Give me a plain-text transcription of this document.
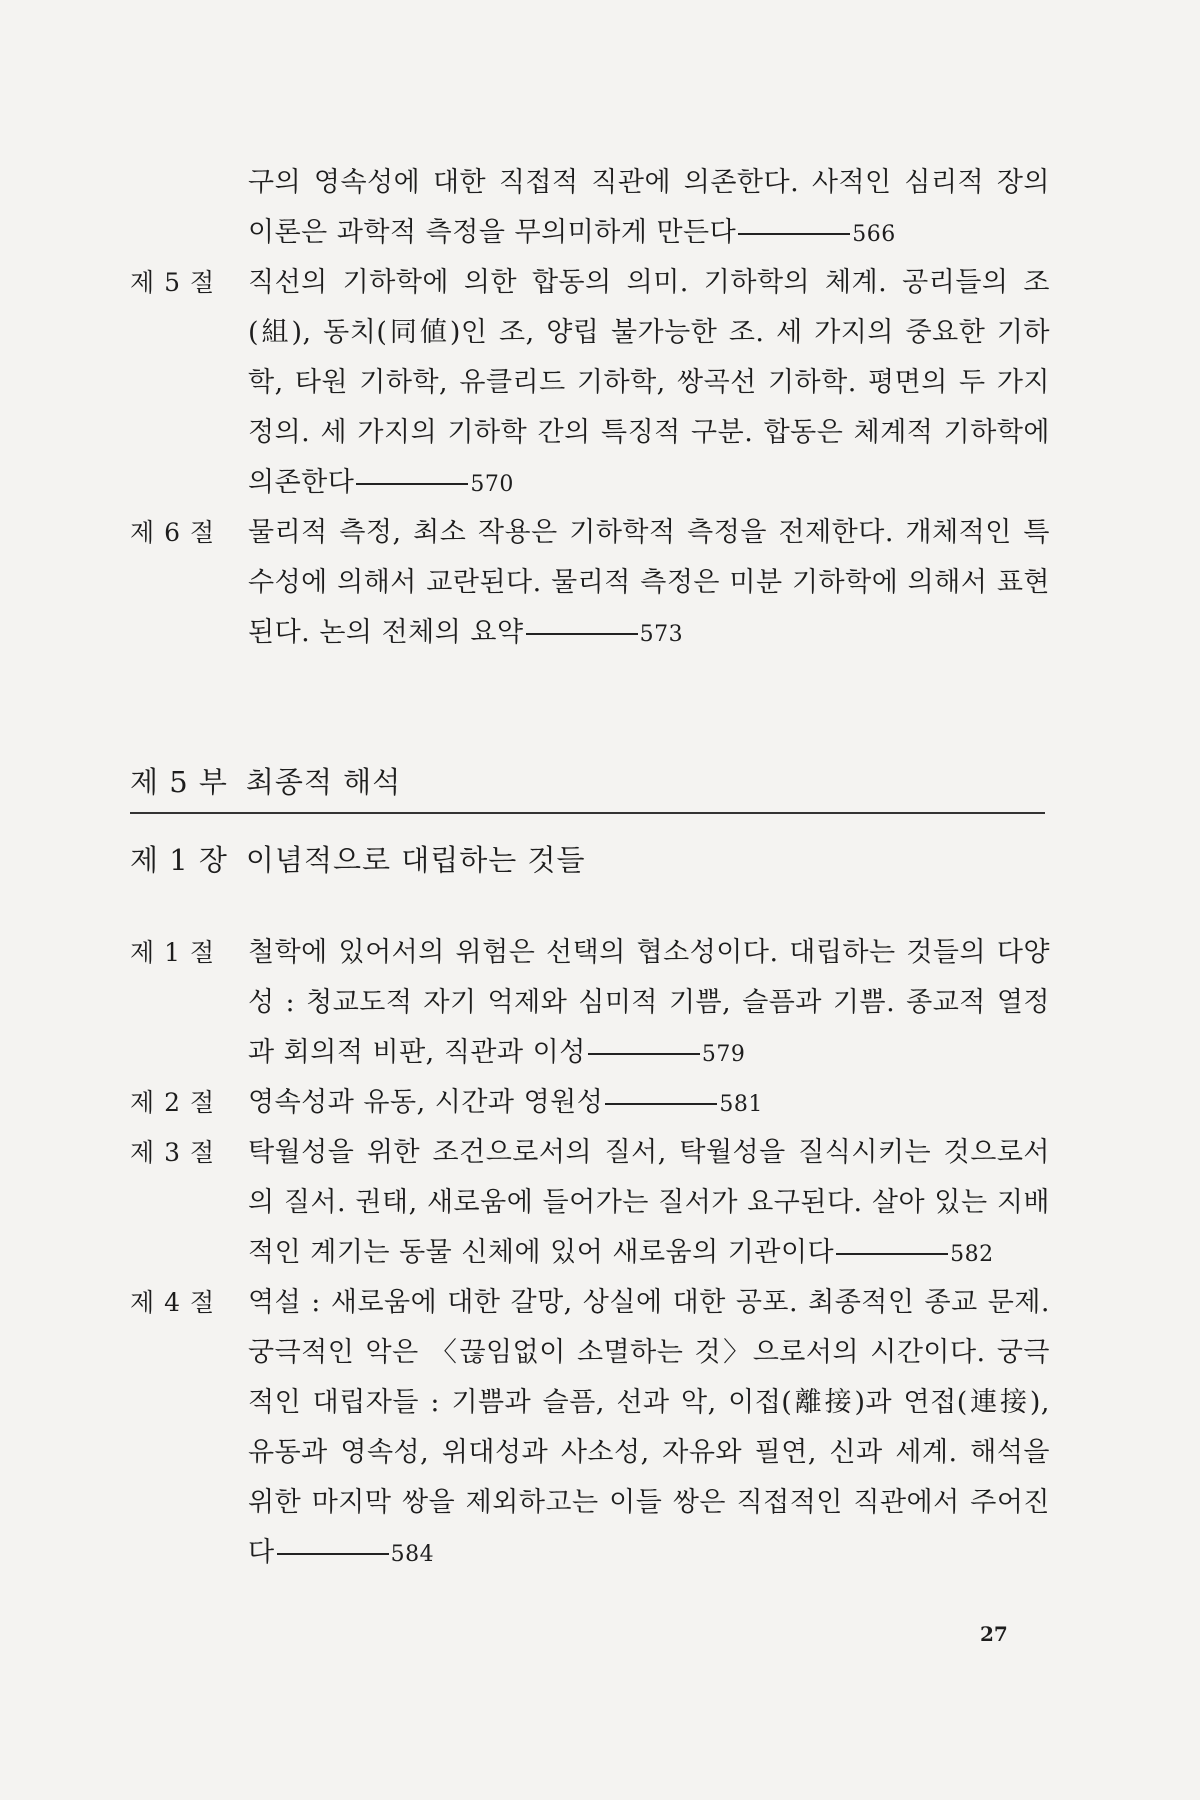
구의 영속성에 대한 직접적 직관에 의존한다. 사적인 심리적 장의 이론은 과학적 측정을 무의미하게 만든다	566
제 5 절 직선의 기하학에 의한 합동의 의미. 기하학의 체계. 공리들의 조(組), 동치(同値)인 조, 양립 불가능한 조. 세 가지의 중요한 기하학, 타원 기하학, 유클리드 기하학, 쌍곡선 기하학. 평면의 두 가지 정의. 세 가지의 기하학 간의 특징적 구분. 합동은 체계적 기하학에 의존한다	570
제 6 절 물리적 측정, 최소 작용은 기하학적 측정을 전제한다. 개체적인 특수성에 의해서 교란된다. 물리적 측정은 미분 기하학에 의해서 표현된다. 논의 전체의 요약	573
제 5 부 최종적 해석
제 1 장 이념적으로 대립하는 것들
제 1 절 철학에 있어서의 위험은 선택의 협소성이다. 대립하는 것들의 다양성 : 청교도적 자기 억제와 심미적 기쁨, 슬픔과 기쁨. 종교적 열정과 회의적 비판, 직관과 이성	579
제 2 절 영속성과 유동, 시간과 영원성	581
제 3 절 탁월성을 위한 조건으로서의 질서, 탁월성을 질식시키는 것으로서의 질서. 권태, 새로움에 들어가는 질서가 요구된다. 살아 있는 지배적인 계기는 동물 신체에 있어 새로움의 기관이다	582
제 4 절 역설 : 새로움에 대한 갈망, 상실에 대한 공포. 최종적인 종교 문제. 궁극적인 악은 〈끊임없이 소멸하는 것〉으로서의 시간이다. 궁극적인 대립자들 : 기쁨과 슬픔, 선과 악, 이접(離接)과 연접(連接), 유동과 영속성, 위대성과 사소성, 자유와 필연, 신과 세계. 해석을 위한 마지막 쌍을 제외하고는 이들 쌍은 직접적인 직관에서 주어진다	584
27
